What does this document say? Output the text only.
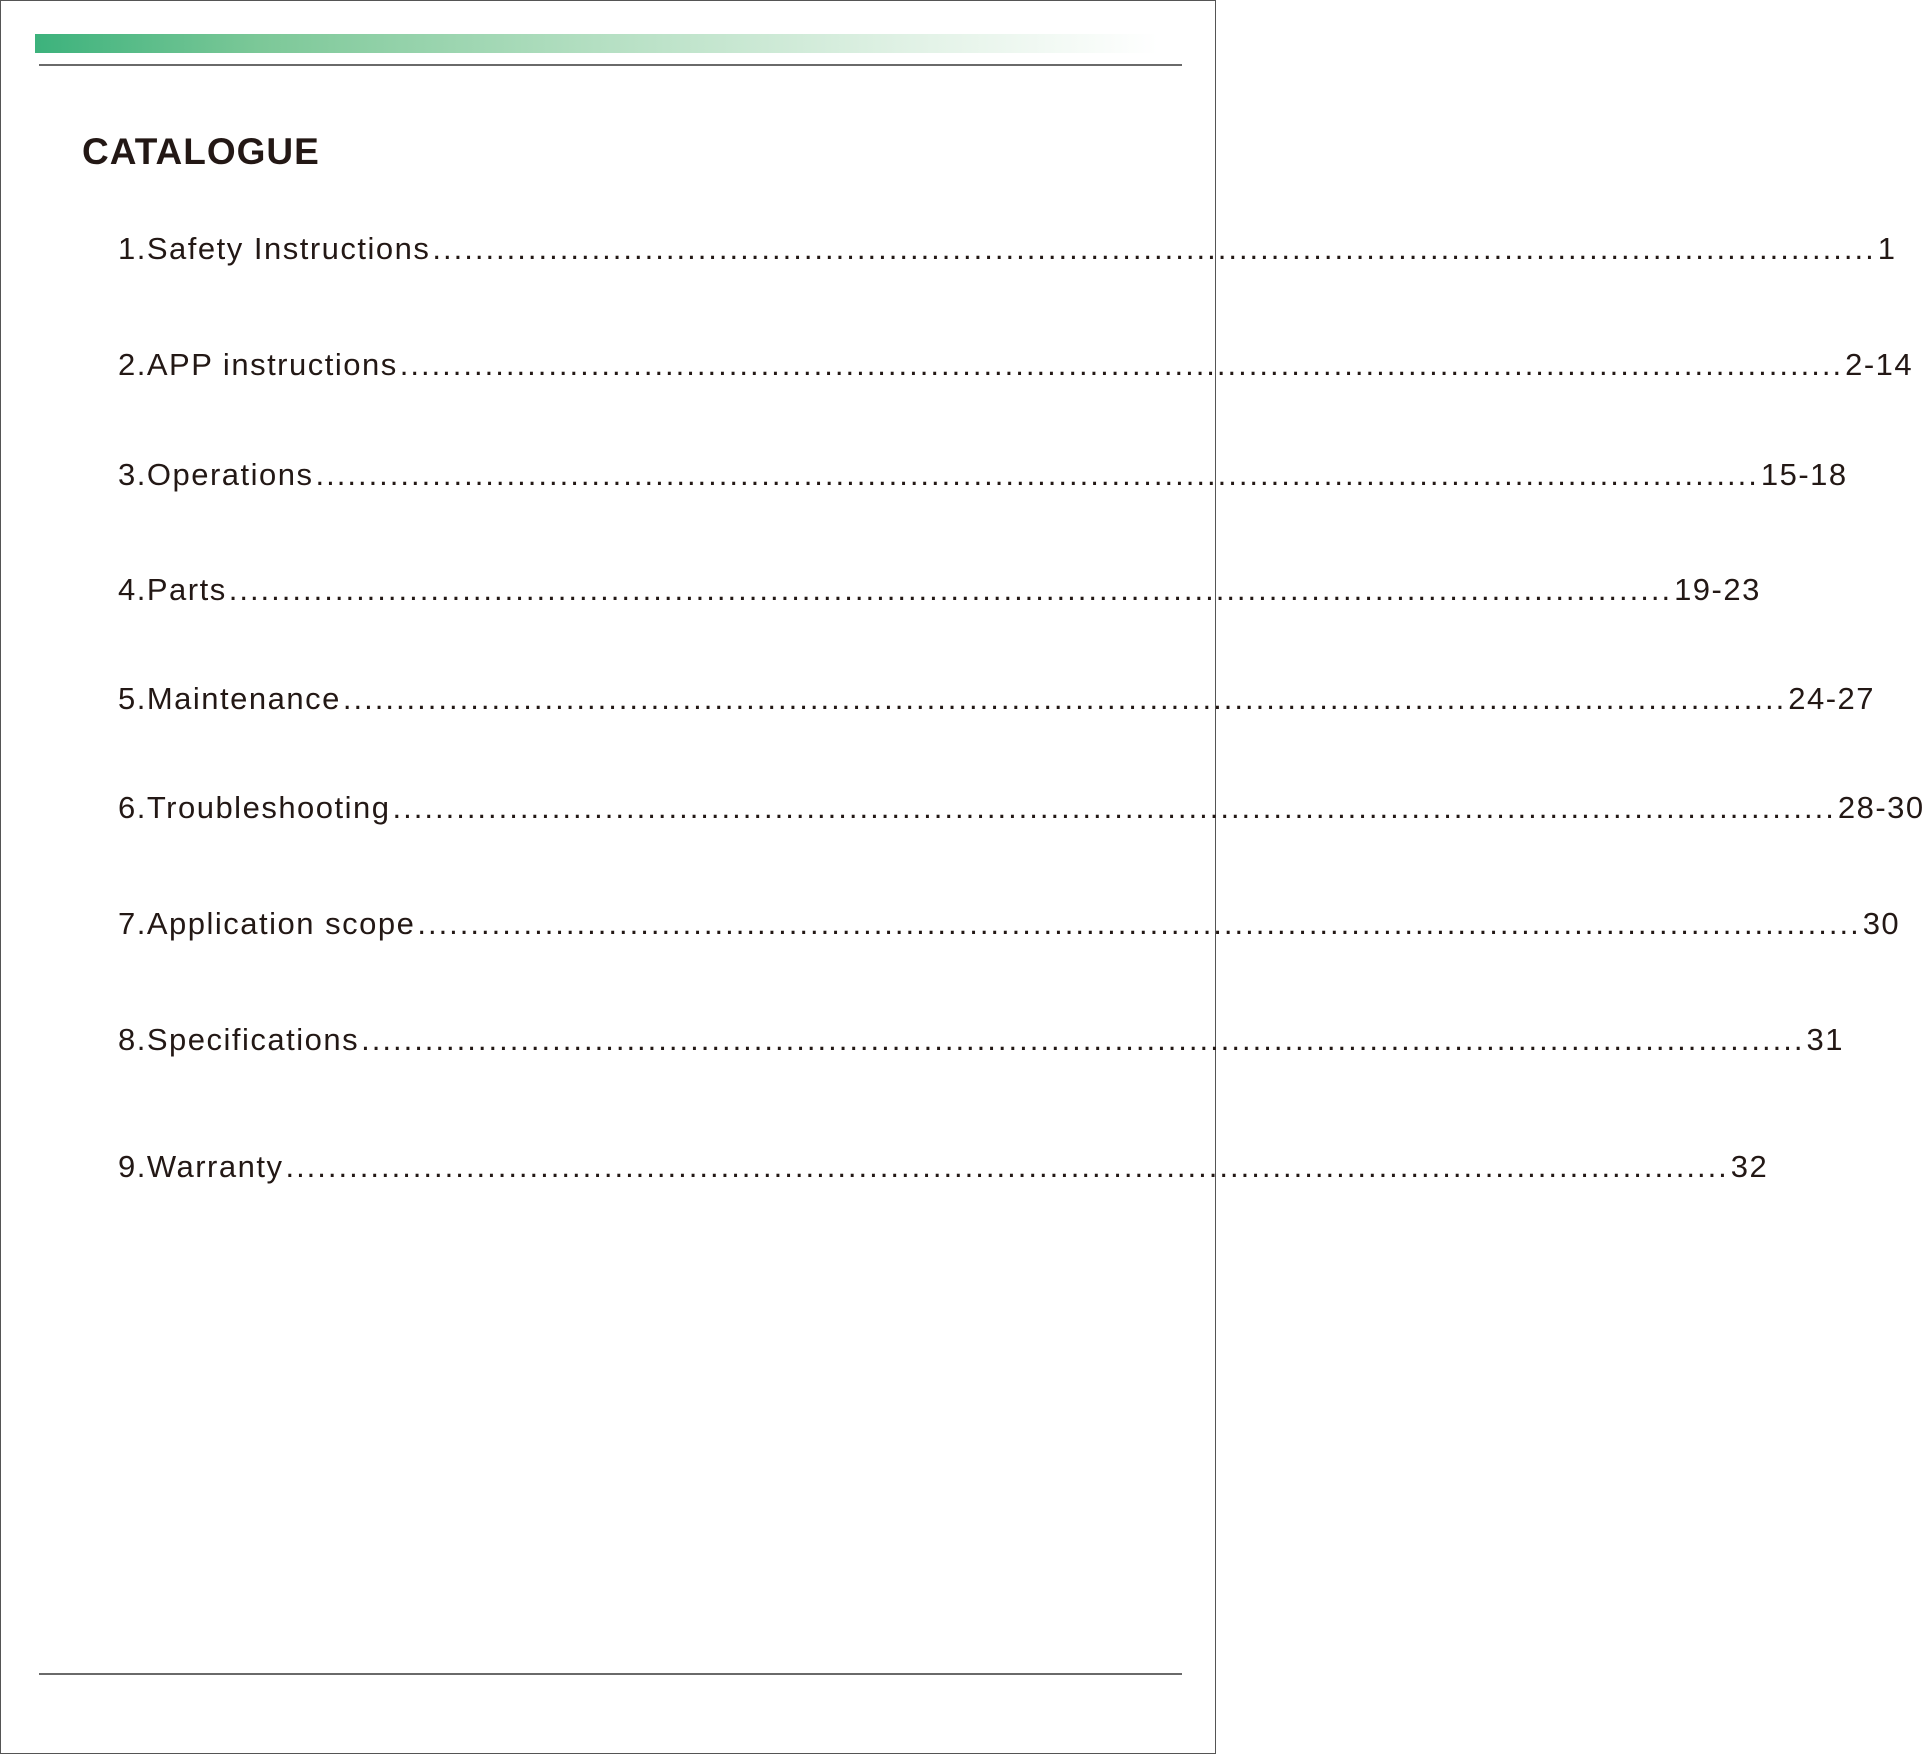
CATALOGUE
1.Safety Instructions ........................................................................................................................................ 1
2.APP instructions ........................................................................................................................................ 2-14
3.Operations ........................................................................................................................................ 15-18
4.Parts ........................................................................................................................................ 19-23
5.Maintenance ........................................................................................................................................ 24-27
6.Troubleshooting ........................................................................................................................................ 28-30
7.Application scope ........................................................................................................................................ 30
8.Specifications ........................................................................................................................................ 31
9.Warranty ........................................................................................................................................ 32
